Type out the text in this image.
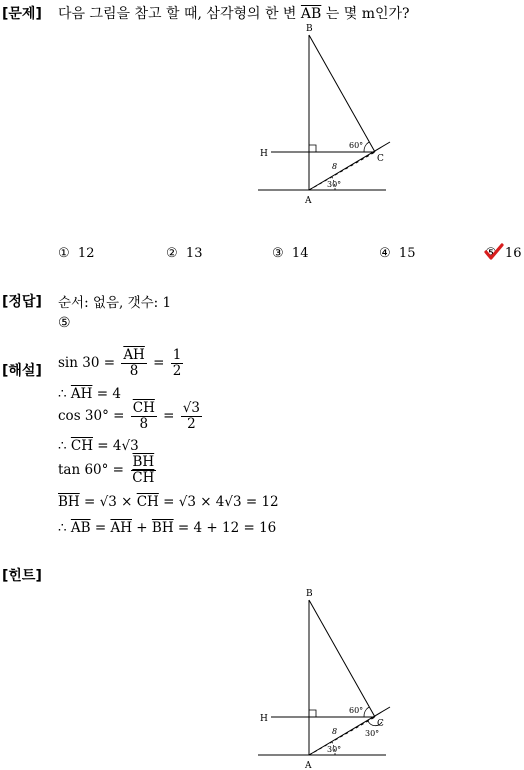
[문제] 다음 그림을 참고 할 때, 삼각형의 한 변 $\overline{AB}$ 는 몇 m인가?
B
H	C
A
60°
8
30°
① 12	② 13	③ 14	④ 15	⑤ 16
[정답] 순서: 없음, 갯수: 1
⑤
[해설] $\sin 30 = \frac{\overline{AH}}{8} = \frac{1}{2}$
∴ $\overline{AH} = 4$
$\cos 30^\circ = \frac{\overline{CH}}{8} = \frac{√3}{2}$
∴ $\overline{CH} = 4√3$
$\tan 60^\circ = \frac{\overline{BH}}{CH}$
$\overline{BH} = √3 \times \overline{CH} = √3 \times 4√3 = 12$
∴ $\overline{AB} = \overline{AH} + \overline{BH} = 4 + 12 = 16$
[힌트]
B
H	C
A
60°
8
30°
30°
